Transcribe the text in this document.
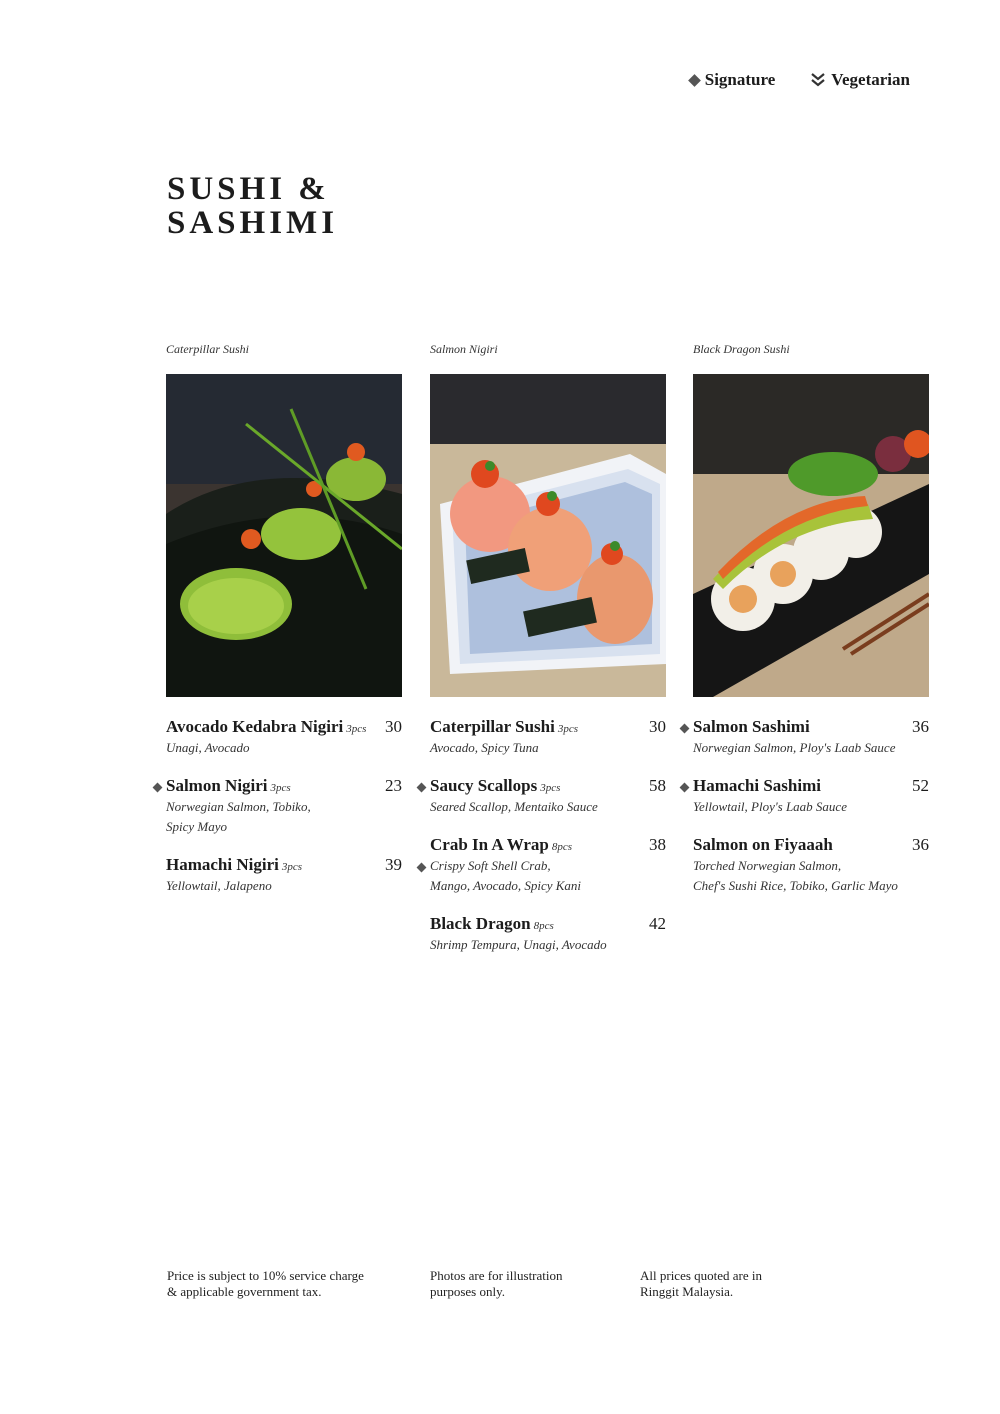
Signature	Vegetarian
SUSHI &
SASHIMI
Caterpillar Sushi
Avocado Kedabra Nigiri 3pcs 30
Unagi, Avocado
Salmon Nigiri 3pcs	23
Norwegian Salmon, Tobiko,
Spicy Mayo
Hamachi Nigiri 3pcs	39
Yellowtail, Jalapeno
Salmon Nigiri
Caterpillar Sushi 3pcs	30
Avocado, Spicy Tuna
Saucy Scallops 3pcs	58
Seared Scallop, Mentaiko Sauce
Crab In A Wrap 8pcs	38
Crispy Soft Shell Crab,
Mango, Avocado, Spicy Kani
Black Dragon 8pcs	42
Shrimp Tempura, Unagi, Avocado
Black Dragon Sushi
Salmon Sashimi	36
Norwegian Salmon, Ploy's Laab Sauce
Hamachi Sashimi	52
Yellowtail, Ploy's Laab Sauce
Salmon on Fiyaaah	36
Torched Norwegian Salmon,
Chef's Sushi Rice, Tobiko, Garlic Mayo
Price is subject to 10% service charge
& applicable government tax.
Photos are for illustration
purposes only.
All prices quoted are in
Ringgit Malaysia.
